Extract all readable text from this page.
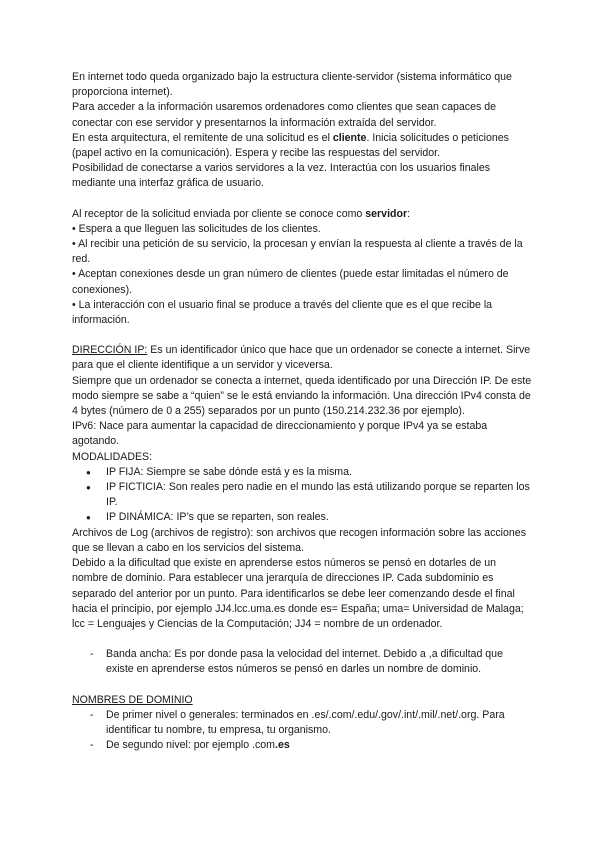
En internet todo queda organizado bajo la estructura cliente-servidor (sistema informático que proporciona internet).

Para acceder a la información usaremos ordenadores como clientes que sean capaces de conectar con ese servidor y presentarnos la información extraída del servidor.

En esta arquitectura, el remitente de una solicitud es el cliente. Inicia solicitudes o peticiones (papel activo en la comunicación). Espera y recibe las respuestas del servidor.

Posibilidad de conectarse a varios servidores a la vez. Interactúa con los usuarios finales mediante una interfaz gráfica de usuario.

Al receptor de la solicitud enviada por cliente se conoce como servidor:

• Espera a que lleguen las solicitudes de los clientes.

• Al recibir una petición de su servicio, la procesan y envían la respuesta al cliente a través de la red.

• Aceptan conexiones desde un gran número de clientes (puede estar limitadas el número de conexiones).

• La interacción con el usuario final se produce a través del cliente que es el que recibe la información.

DIRECCIÓN IP: Es un identificador único que hace que un ordenador se conecte a internet. Sirve para que el cliente identifique a un servidor y viceversa.

Siempre que un ordenador se conecta a internet, queda identificado por una Dirección IP. De este modo siempre se sabe a “quien” se le está enviando la información. Una dirección IPv4 consta de 4 bytes (número de 0 a 255) separados por un punto (150.214.232.36 por ejemplo).

IPv6: Nace para aumentar la capacidad de direccionamiento y porque IPv4 ya se estaba agotando.

MODALIDADES:

● IP FIJA: Siempre se sabe dónde está y es la misma.
● IP FICTICIA: Son reales pero nadie en el mundo las está utilizando porque se reparten los IP.
● IP DINÁMICA: IP’s que se reparten, son reales.

Archivos de Log (archivos de registro): son archivos que recogen información sobre las acciones que se llevan a cabo en los servicios del sistema.

Debido a la dificultad que existe en aprenderse estos números se pensó en dotarles de un nombre de dominio. Para establecer una jerarquía de direcciones IP. Cada subdominio es separado del anterior por un punto. Para identificarlos se debe leer comenzando desde el final hacia el principio, por ejemplo JJ4.lcc.uma.es donde es= España; uma= Universidad de Malaga; lcc = Lenguajes y Ciencias de la Computación; JJ4 = nombre de un ordenador.

- Banda ancha: Es por donde pasa la velocidad del internet. Debido a ,a dificultad que existe en aprenderse estos números se pensó en darles un nombre de dominio.

NOMBRES DE DOMINIO

- De primer nivel o generales: terminados en .es/.com/.edu/.gov/.int/.mil/.net/.org. Para identificar tu nombre, tu empresa, tu organismo.
- De segundo nivel: por ejemplo .com.es
